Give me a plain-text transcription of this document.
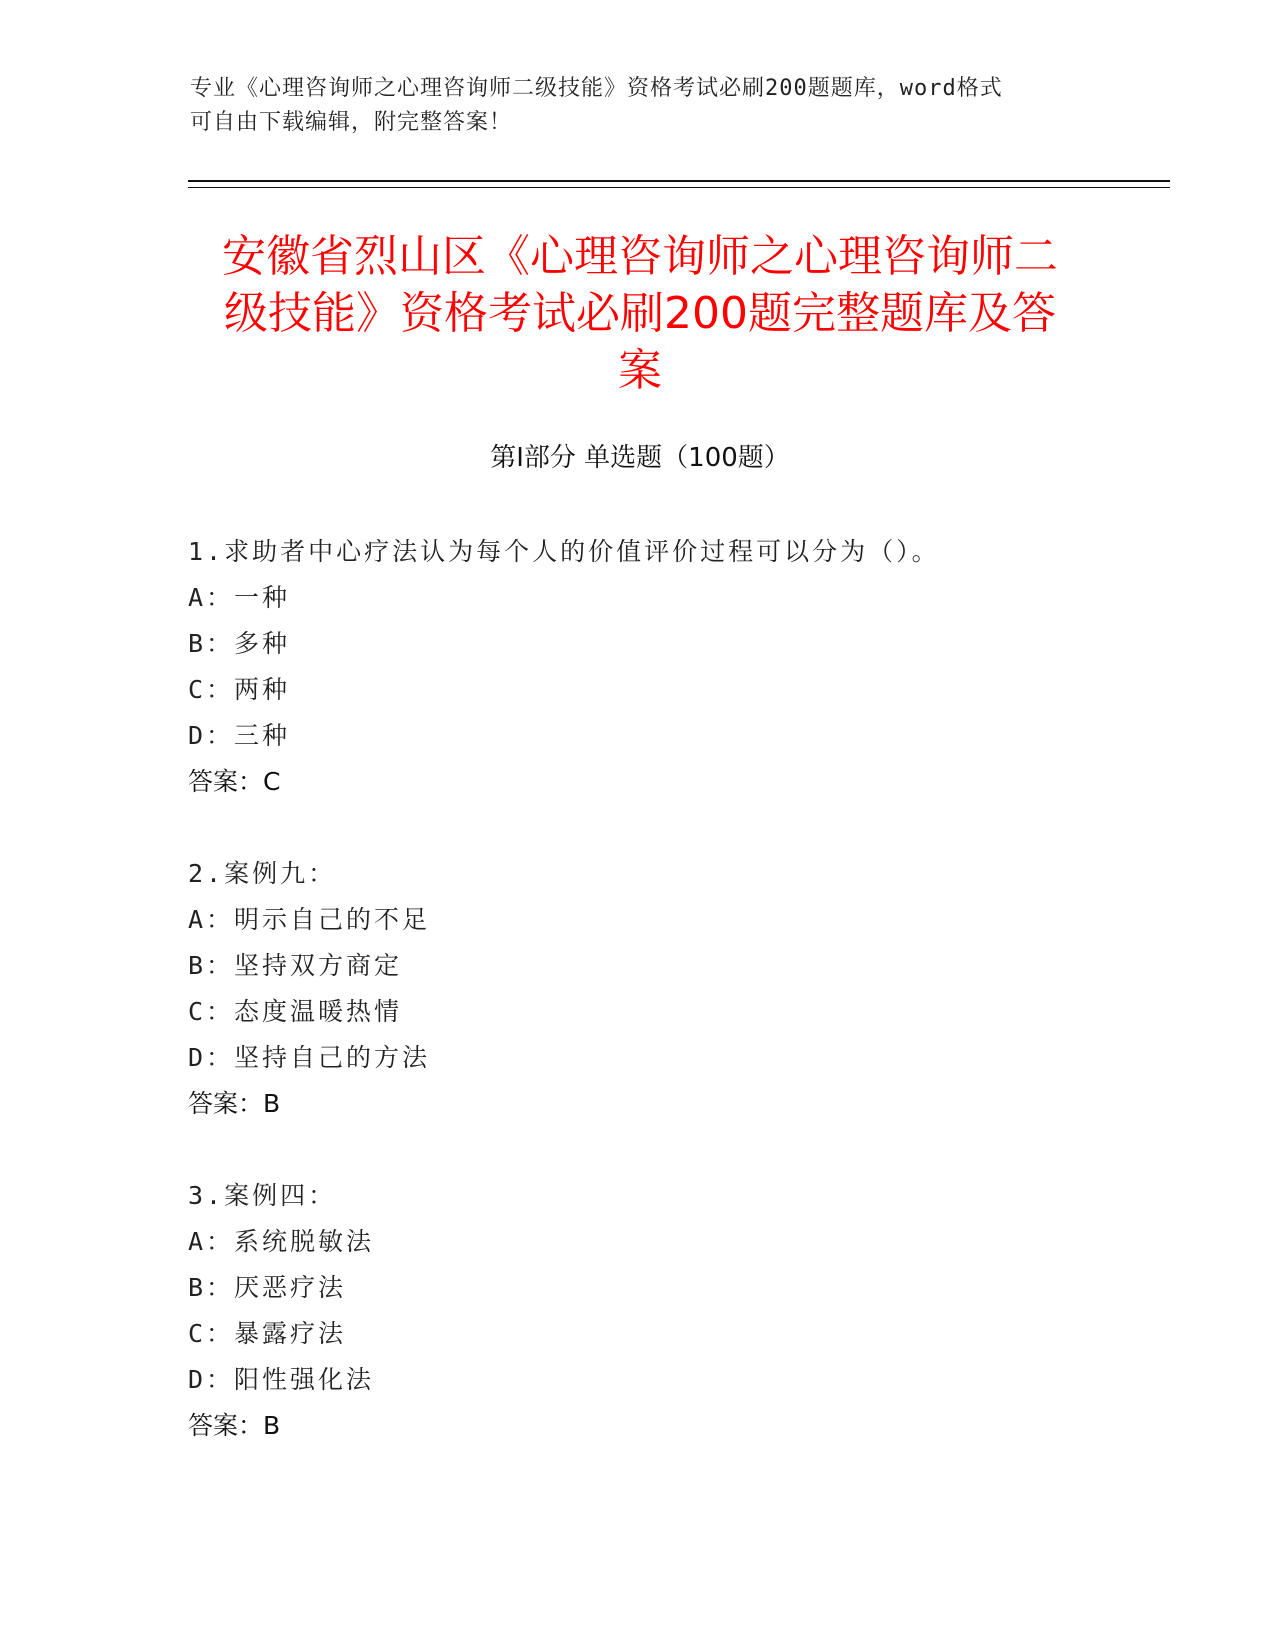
专业《心理咨询师之心理咨询师二级技能》资格考试必刷200题题库，word格式
可自由下载编辑，附完整答案！
安徽省烈山区《心理咨询师之心理咨询师二
级技能》资格考试必刷200题完整题库及答
案
第Ⅰ部分 单选题（100题）
1.求助者中心疗法认为每个人的价值评价过程可以分为（）。
A：一种
B：多种
C：两种
D：三种
答案：C
2.案例九：
A：明示自己的不足
B：坚持双方商定
C：态度温暖热情
D：坚持自己的方法
答案：B
3.案例四：
A：系统脱敏法
B：厌恶疗法
C：暴露疗法
D：阳性强化法
答案：B
